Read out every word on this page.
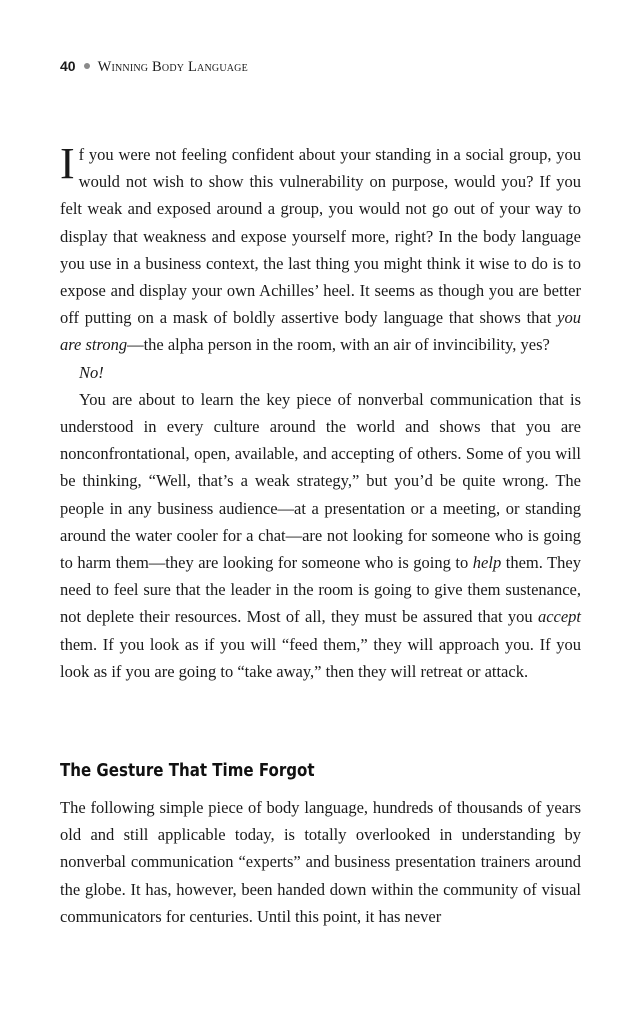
40 Winning Body Language

If you were not feeling confident about your standing in a social group, you would not wish to show this vulnerability on purpose, would you? If you felt weak and exposed around a group, you would not go out of your way to display that weakness and expose yourself more, right? In the body language you use in a business context, the last thing you might think it wise to do is to expose and display your own Achilles’ heel. It seems as though you are better off putting on a mask of boldly assertive body language that shows that you are strong—the alpha person in the room, with an air of invincibility, yes?

No!

You are about to learn the key piece of nonverbal communication that is understood in every culture around the world and shows that you are nonconfrontational, open, available, and accepting of others. Some of you will be thinking, “Well, that’s a weak strategy,” but you’d be quite wrong. The people in any business audience—at a presentation or a meeting, or standing around the water cooler for a chat—are not looking for someone who is going to harm them—they are looking for someone who is going to help them. They need to feel sure that the leader in the room is going to give them sustenance, not deplete their resources. Most of all, they must be assured that you accept them. If you look as if you will “feed them,” they will approach you. If you look as if you are going to “take away,” then they will retreat or attack.

The Gesture That Time Forgot

The following simple piece of body language, hundreds of thousands of years old and still applicable today, is totally overlooked in understanding by nonverbal communication “experts” and business presentation trainers around the globe. It has, however, been handed down within the community of visual communicators for centuries. Until this point, it has never
